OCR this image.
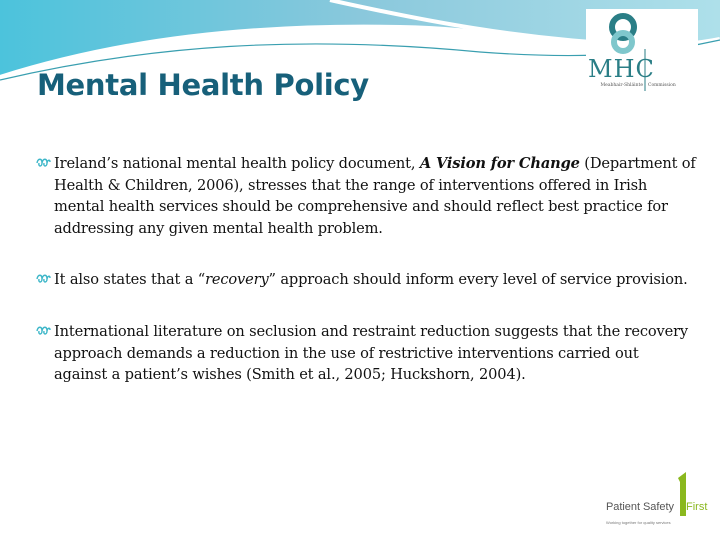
Mental Health Policy	MHC
Meabhair-Shláinte Commission
Ireland’s national mental health policy document, A Vision for Change (Department of Health & Children, 2006), stresses that the range of interventions offered in Irish mental health services should be comprehensive and should reflect best practice for addressing any given mental health problem.
It also states that a “recovery” approach should inform every level of service provision.
International literature on seclusion and restraint reduction suggests that the recovery approach demands a reduction in the use of restrictive interventions carried out against a patient’s wishes (Smith et al., 2005; Huckshorn, 2004).
Patient Safety First
Working together for quality services
